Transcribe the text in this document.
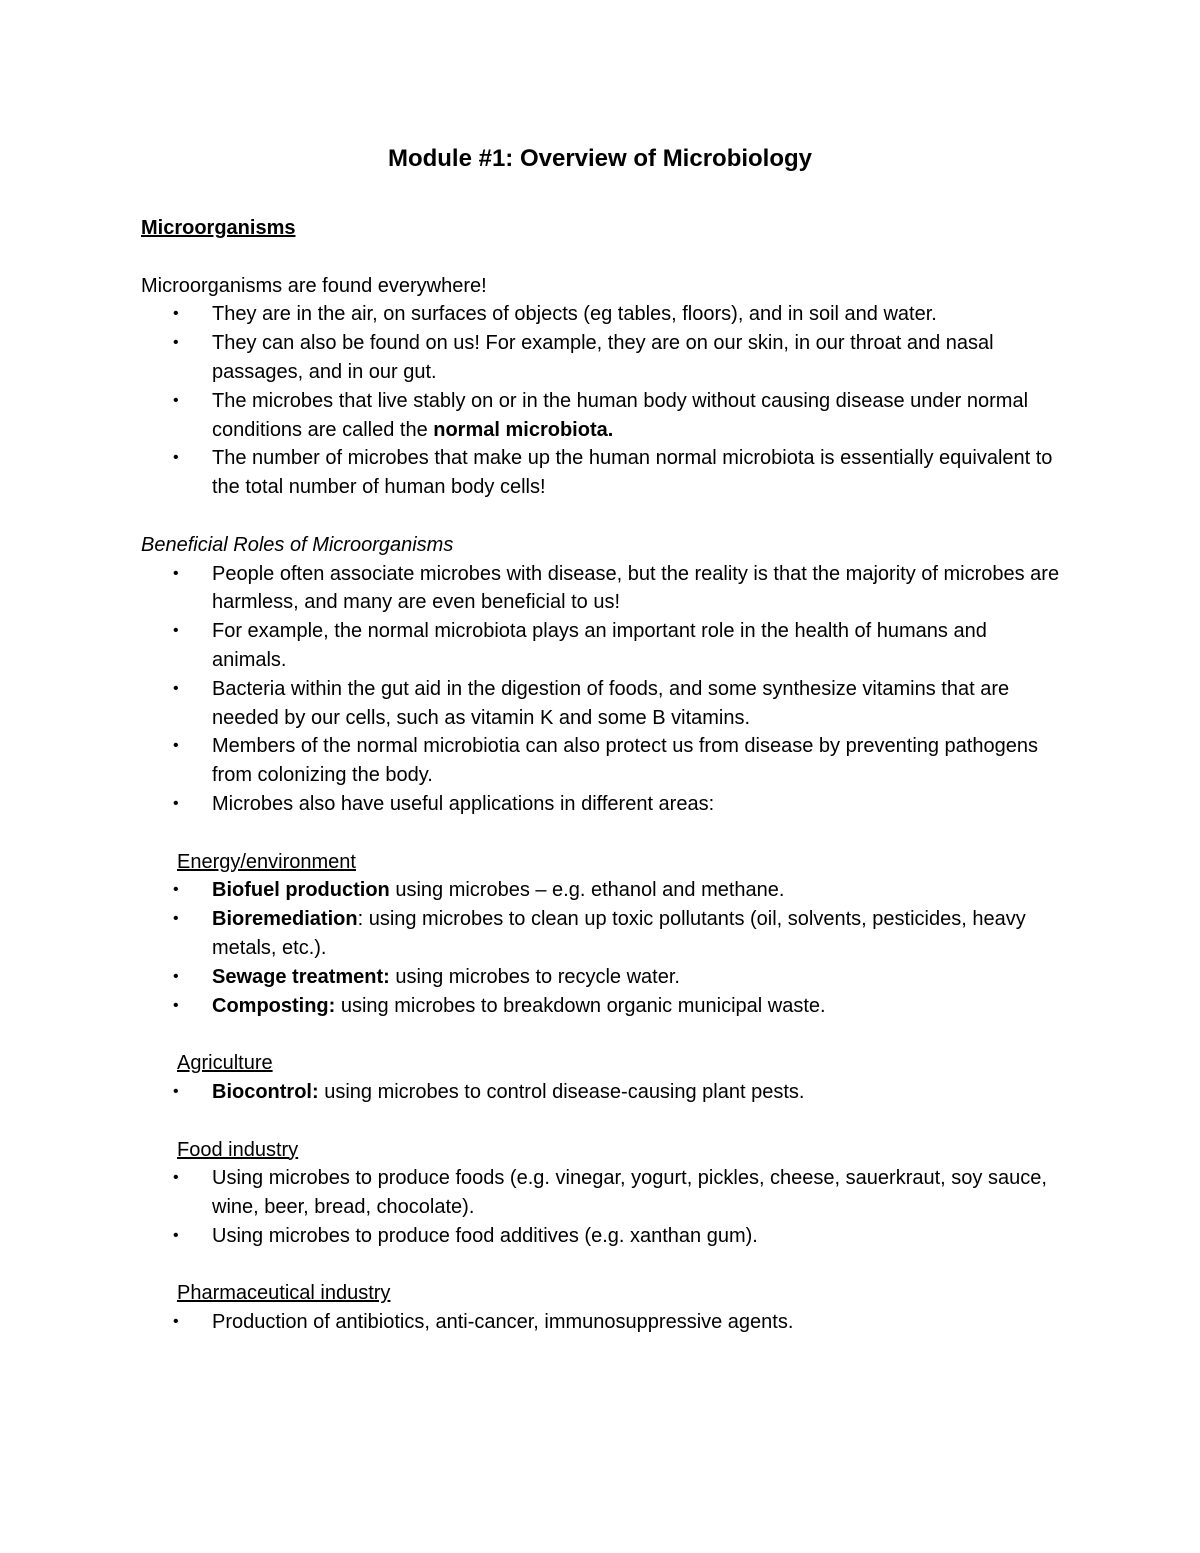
Module #1: Overview of Microbiology

Microorganisms

Microorganisms are found everywhere!

• They are in the air, on surfaces of objects (eg tables, floors), and in soil and water.
• They can also be found on us! For example, they are on our skin, in our throat and nasal passages, and in our gut.
• The microbes that live stably on or in the human body without causing disease under normal conditions are called the normal microbiota.
• The number of microbes that make up the human normal microbiota is essentially equivalent to the total number of human body cells!

Beneficial Roles of Microorganisms

• People often associate microbes with disease, but the reality is that the majority of microbes are harmless, and many are even beneficial to us!
• For example, the normal microbiota plays an important role in the health of humans and animals.
• Bacteria within the gut aid in the digestion of foods, and some synthesize vitamins that are needed by our cells, such as vitamin K and some B vitamins.
• Members of the normal microbiotia can also protect us from disease by preventing pathogens from colonizing the body.
• Microbes also have useful applications in different areas:

Energy/environment

• Biofuel production using microbes – e.g. ethanol and methane.
• Bioremediation: using microbes to clean up toxic pollutants (oil, solvents, pesticides, heavy metals, etc.).
• Sewage treatment: using microbes to recycle water.
• Composting: using microbes to breakdown organic municipal waste.

Agriculture

• Biocontrol: using microbes to control disease-causing plant pests.

Food industry

• Using microbes to produce foods (e.g. vinegar, yogurt, pickles, cheese, sauerkraut, soy sauce, wine, beer, bread, chocolate).
• Using microbes to produce food additives (e.g. xanthan gum).

Pharmaceutical industry

• Production of antibiotics, anti-cancer, immunosuppressive agents.
